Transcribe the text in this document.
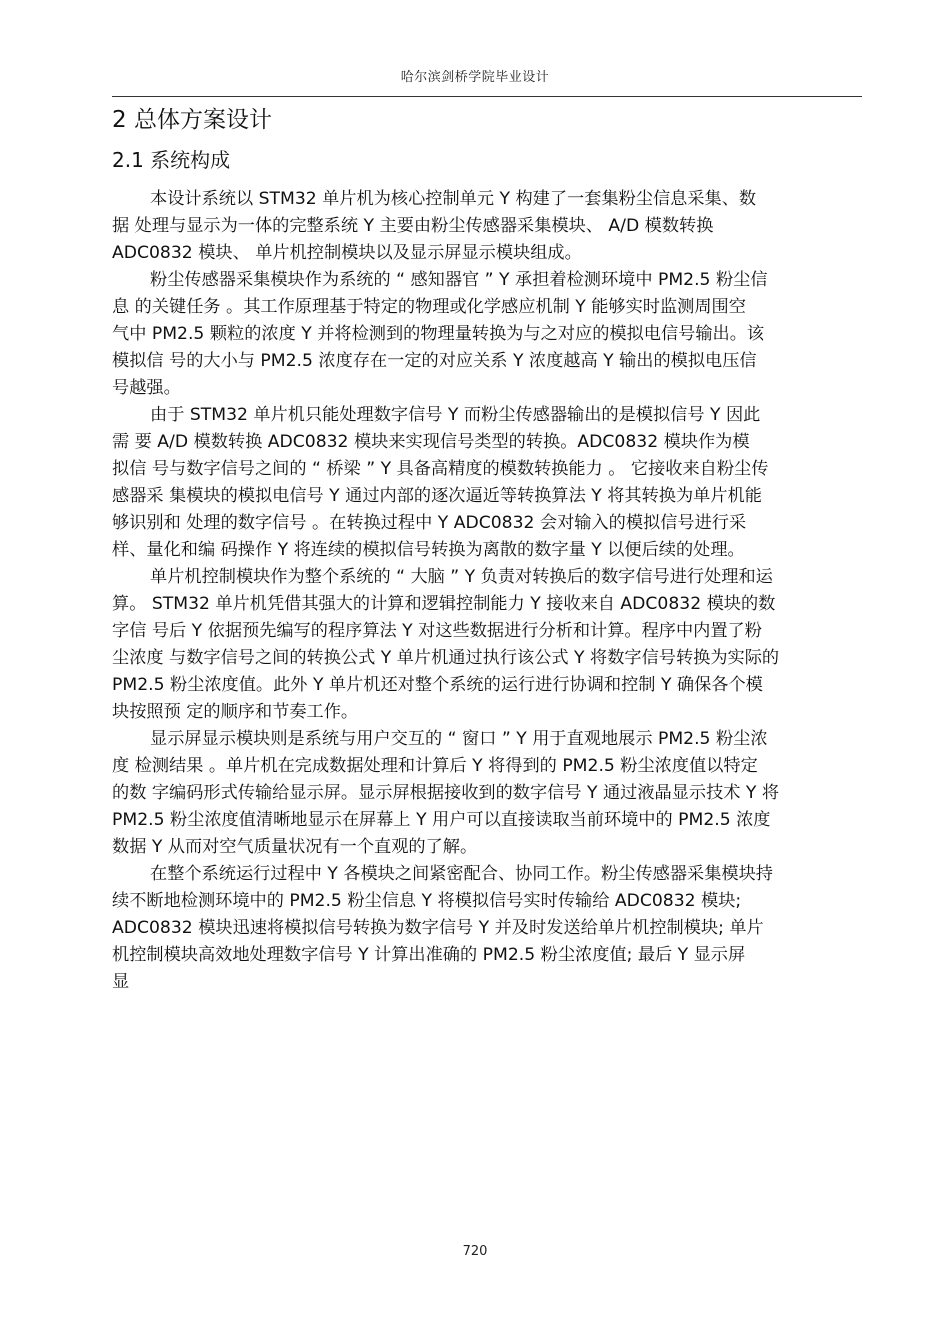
哈尔滨剑桥学院毕业设计
2 总体方案设计
2.1 系统构成

本设计系统以 STM32 单片机为核心控制单元 Y 构建了一套集粉尘信息采集、数
据 处理与显示为一体的完整系统 Y 主要由粉尘传感器采集模块、 A/D 模数转换
ADC0832 模块、 单片机控制模块以及显示屏显示模块组成。

粉尘传感器采集模块作为系统的 “ 感知器官 ” Y 承担着检测环境中 PM2.5 粉尘信
息 的关键任务 。其工作原理基于特定的物理或化学感应机制 Y 能够实时监测周围空
气中 PM2.5 颗粒的浓度 Y 并将检测到的物理量转换为与之对应的模拟电信号输出。该
模拟信 号的大小与 PM2.5 浓度存在一定的对应关系 Y 浓度越高 Y 输出的模拟电压信
号越强。

由于 STM32 单片机只能处理数字信号 Y 而粉尘传感器输出的是模拟信号 Y 因此
需 要 A/D 模数转换 ADC0832 模块来实现信号类型的转换。ADC0832 模块作为模
拟信 号与数字信号之间的 “ 桥梁 ” Y 具备高精度的模数转换能力 。 它接收来自粉尘传
感器采 集模块的模拟电信号 Y 通过内部的逐次逼近等转换算法 Y 将其转换为单片机能
够识别和 处理的数字信号 。在转换过程中 Y ADC0832 会对输入的模拟信号进行采
样、量化和编 码操作 Y 将连续的模拟信号转换为离散的数字量 Y 以便后续的处理。

单片机控制模块作为整个系统的 “ 大脑 ” Y 负责对转换后的数字信号进行处理和运
算。 STM32 单片机凭借其强大的计算和逻辑控制能力 Y 接收来自 ADC0832 模块的数
字信 号后 Y 依据预先编写的程序算法 Y 对这些数据进行分析和计算。程序中内置了粉
尘浓度 与数字信号之间的转换公式 Y 单片机通过执行该公式 Y 将数字信号转换为实际的
PM2.5 粉尘浓度值。此外 Y 单片机还对整个系统的运行进行协调和控制 Y 确保各个模
块按照预 定的顺序和节奏工作。

显示屏显示模块则是系统与用户交互的 “ 窗口 ” Y 用于直观地展示 PM2.5 粉尘浓
度 检测结果 。单片机在完成数据处理和计算后 Y 将得到的 PM2.5 粉尘浓度值以特定
的数 字编码形式传输给显示屏。显示屏根据接收到的数字信号 Y 通过液晶显示技术 Y 将
PM2.5 粉尘浓度值清晰地显示在屏幕上 Y 用户可以直接读取当前环境中的 PM2.5 浓度
数据 Y 从而对空气质量状况有一个直观的了解。

在整个系统运行过程中 Y 各模块之间紧密配合、协同工作。粉尘传感器采集模块持
续不断地检测环境中的 PM2.5 粉尘信息 Y 将模拟信号实时传输给 ADC0832 模块;
ADC0832 模块迅速将模拟信号转换为数字信号 Y 并及时发送给单片机控制模块; 单片
机控制模块高效地处理数字信号 Y 计算出准确的 PM2.5 粉尘浓度值; 最后 Y 显示屏
显

720
